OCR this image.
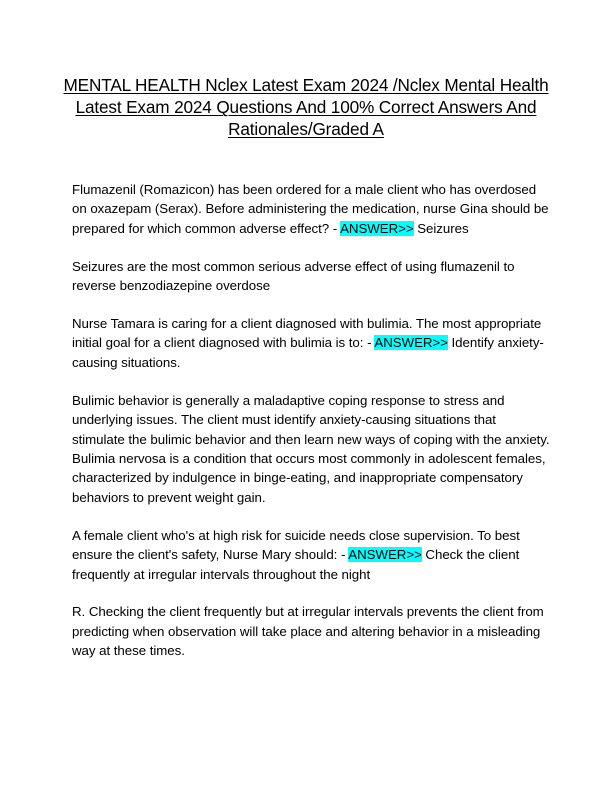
MENTAL HEALTH Nclex Latest Exam 2024 /Nclex Mental Health Latest Exam 2024 Questions And 100% Correct Answers And Rationales/Graded A

Flumazenil (Romazicon) has been ordered for a male client who has overdosed on oxazepam (Serax). Before administering the medication, nurse Gina should be prepared for which common adverse effect? - ANSWER>> Seizures

Seizures are the most common serious adverse effect of using flumazenil to reverse benzodiazepine overdose

Nurse Tamara is caring for a client diagnosed with bulimia. The most appropriate initial goal for a client diagnosed with bulimia is to: - ANSWER>> Identify anxiety-causing situations.

Bulimic behavior is generally a maladaptive coping response to stress and underlying issues. The client must identify anxiety-causing situations that stimulate the bulimic behavior and then learn new ways of coping with the anxiety. Bulimia nervosa is a condition that occurs most commonly in adolescent females, characterized by indulgence in binge-eating, and inappropriate compensatory behaviors to prevent weight gain.

A female client who's at high risk for suicide needs close supervision. To best ensure the client's safety, Nurse Mary should: - ANSWER>> Check the client frequently at irregular intervals throughout the night

R. Checking the client frequently but at irregular intervals prevents the client from predicting when observation will take place and altering behavior in a misleading way at these times.
